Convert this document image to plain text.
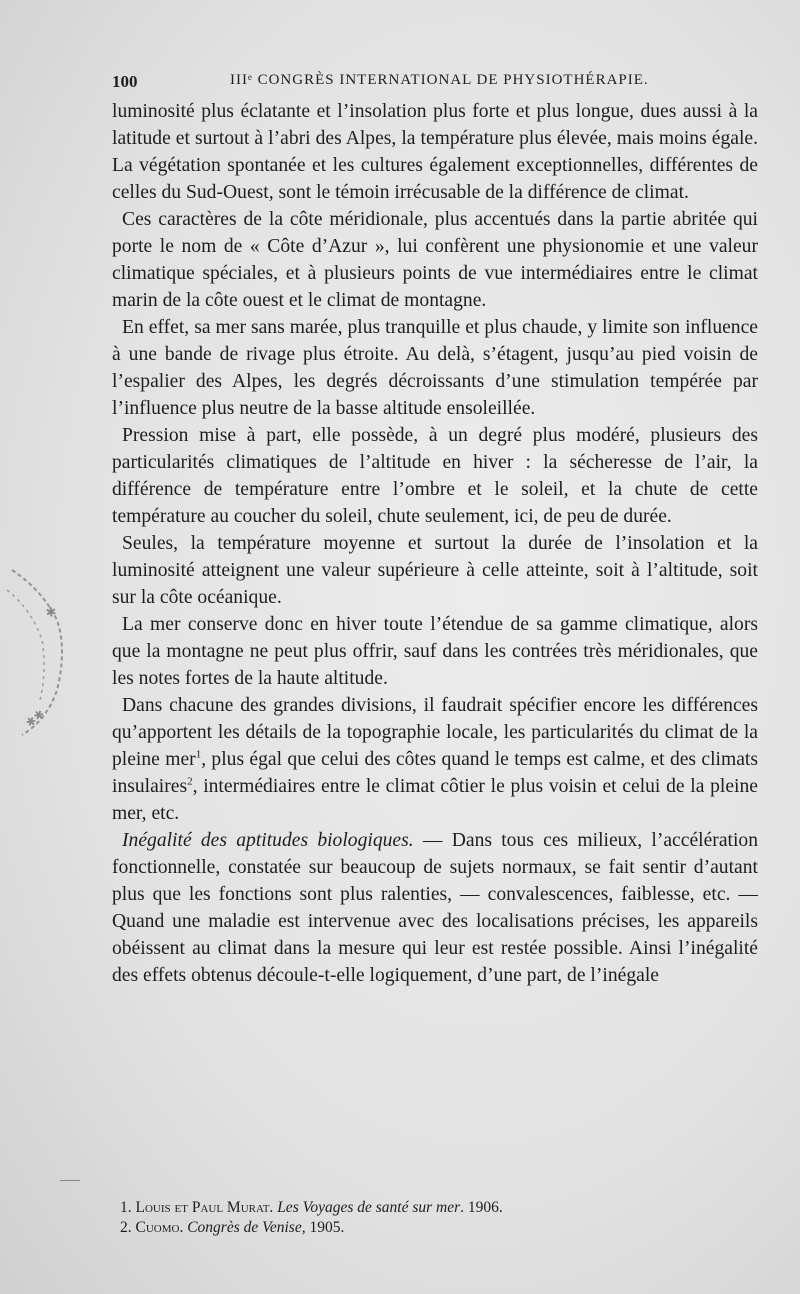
✱
✱✱
100	IIIᵉ CONGRÈS INTERNATIONAL DE PHYSIOTHÉRAPIE.

luminosité plus éclatante et l’insolation plus forte et plus longue, dues aussi à la latitude et surtout à l’abri des Alpes, la température plus élevée, mais moins égale. La végétation spontanée et les cultures également exceptionnelles, différentes de celles du Sud-Ouest, sont le témoin irrécusable de la différence de climat.

Ces caractères de la côte méridionale, plus accentués dans la partie abritée qui porte le nom de « Côte d’Azur », lui confèrent une physionomie et une valeur climatique spéciales, et à plusieurs points de vue intermédiaires entre le climat marin de la côte ouest et le climat de montagne.

En effet, sa mer sans marée, plus tranquille et plus chaude, y limite son influence à une bande de rivage plus étroite. Au delà, s’étagent, jusqu’au pied voisin de l’espalier des Alpes, les degrés décroissants d’une stimulation tempérée par l’influence plus neutre de la basse altitude ensoleillée.

Pression mise à part, elle possède, à un degré plus modéré, plusieurs des particularités climatiques de l’altitude en hiver : la sécheresse de l’air, la différence de température entre l’ombre et le soleil, et la chute de cette température au coucher du soleil, chute seulement, ici, de peu de durée.

Seules, la température moyenne et surtout la durée de l’insolation et la luminosité atteignent une valeur supérieure à celle atteinte, soit à l’altitude, soit sur la côte océanique.

La mer conserve donc en hiver toute l’étendue de sa gamme climatique, alors que la montagne ne peut plus offrir, sauf dans les contrées très méridionales, que les notes fortes de la haute altitude.

Dans chacune des grandes divisions, il faudrait spécifier encore les différences qu’apportent les détails de la topographie locale, les particularités du climat de la pleine mer$^1$, plus égal que celui des côtes quand le temps est calme, et des climats insulaires$^2$, intermédiaires entre le climat côtier le plus voisin et celui de la pleine mer, etc.

Inégalité des aptitudes biologiques. — Dans tous ces milieux, l’accélération fonctionnelle, constatée sur beaucoup de sujets normaux, se fait sentir d’autant plus que les fonctions sont plus ralenties, — convalescences, faiblesse, etc. — Quand une maladie est intervenue avec des localisations précises, les appareils obéissent au climat dans la mesure qui leur est restée possible. Ainsi l’inégalité des effets obtenus découle-t-elle logiquement, d’une part, de l’inégale

1. Louis et Paul Murat. Les Voyages de santé sur mer. 1906.

2. Cuomo. Congrès de Venise, 1905.
